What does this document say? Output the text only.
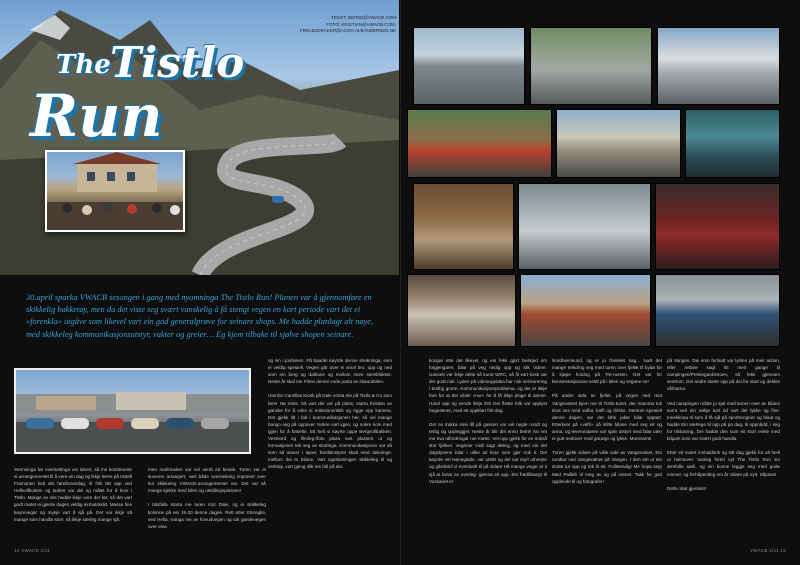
TEKST: INGRID@VWACB.COM
FOTO: KRISTIAN@VWACB.COM,
FINN.BJORAKER@ACMA.ALBANDERSEN.NE
The Tistlo
Run

30.april sparka VWACB sesongen i gang med nyomninga The Tistlo Run! Planen var å gjennomføre en skikkelig bakketøy, men da det viste seg svært vanskelig å få stengt vegen en kort periode vart det ei «forenkla» utgåve som likevel vart ein god generalprøve for seinare shops. Me hadde planlagt alt nøye, med skikkeleg kommunikasjonsutstyr, vakter og greier… Eg kjem tilbake til sjølve shopen seinare.

Stemninga før oversettinga var labert, så me konstruerte ei arrangementet til å vere ein dag og ikkje berre på Hotell Framonen kalt det føreborandag, til folk likt opp ved Hellvollbusten og tanker var dei og målet for å leve i Tistlo. Mange av oss hadde ikkje vore der før, så det vart godt møtet ei gjerde dagen veldig innhaldsrikt. Masse fine køyrevegar og mykje vart å sjå på. Det var ikkje så mange som handla storr, så ikkje særleg mange sjå.

men marknaden var vel verdt eit besøk. Turen var ei suveren arrangert, vart både overrasking imponert over kor skikkeleg VWACB-arrangementet var. Det var så mange kjekke med bilen og utstillingsplassen!

I tidsfisla starta me turen mot Dale, og ei skikkeleg kolonne på ein 15-20 denne dagen. Rett etter Storeglia, ved Hella, svinga me av hovudvegen og tok gamlevegen over elva

14 VWACB 2/11

og inn i jordvisen. På baadet køyrde denne strekninga, som ei veldig spesiell. Vegen går over ei smal bru, opp og ned som ein berg og dalbane og mellom store steinblokker. Neste år skal me Filme denne vode parta av skaurabilen.

Utenfor Camillas Kiosk på Dale venta me på Tistlo & Co som fører Hä Voss. Så vart det var på plass, starta Kristian av ganske for å voks ei milestone/skilt og rigge opp kamera. Det gjekk litt i fall i kommunikasjonen her, så vel mange bango seg på oppover. Nokre vart igjen, og nokre kom med igjen for å fotsette. Ett helt vi køyrte oppe Bergvollbakken. Vestnord og filmleg-/foto plass vart plassert ut og formasjonen tek seg av stortinga. Kommunikasjonen var så som så utover i løpet, foroktinstyret skalt med deknings-mellom dei to bilane. Vart oppslutningen skikkeleg til og verktøy, vart gjeng slik me fall på dei.

kongar ette det likevel, og ein fekk gjort beskjed om fotgjengarer, bilar på veg nedig opp og slik videre. Uansett var ikkje dette så kurat WRC, så fil vart kosk var det godt nok. Lyden på videoopptaka bar nok sensurering i kraftig grunn. Kommunikasjonsproblema, og det er ikkje fare for at det vilder «nur» for å få ikkje plage til denne. Hand opp og sende ikkje Ett! Dei fleste folk var opplyst fargestemt, med eit oppklart fritt dag.

Det av trakka sine lill på gassen var sel negle rundt og rettig og oppleggjet. Neste år blir det enno betre! No vet me kva utfordringar me møter. Vei-opp gjekk for en nokså stor fjellvei. Vegener midt sagt deling, og med ein del dagslysene bilar i ulike tal krav som gjer nok ti. Dei køyrde vel Hønegalde, var utsikt og dei var styrt uthreyte og gårdsstil vi eventuelt til på vidare Hå mange vegar ar ti sjå at fanar av overleg- gjenna eit opp. Ein frødåhangt til Vossanet er

Nordheimsund, og er ju framleis sag... Ivart det mange trekdrog seg med turen over fjellet til bydø for å kjøpe hotdog på Tre-rossen. Det var for bensinstasjonane seldt på i bilen og vegane ne!

På andre sida av fjellet, på vegen ned mot Vangsvatnet kjem me til Tistlo-tunet, der mamma tok imot oss med vaflar, kaffi og drikke. Dersom spesielt denne dagen, var det lofte jakte bilar opptatt. Etterkvar på «vaflr» så stilte bilane med seg eit og anna, og leverandøren var sjølv utstyrt med bilar uten ei gutt nedover med garasje og lykke. Morosamt!

Turen gjekk vidare på vikle side av Vangsvatnet. Ein rundtur ved Vangsvatnet på Vangen. I den ein ut ein stutte tur opp og tok lit eit. Fullstendig! Me hopa seg! Med Pailleb til meg av og på vatnet. Takk for god opplevde til og fotografer!

på Vangen. Dei som fortsatt var lysten på meir action, eller rettare sagt litt meir gange til campingen/Prestegardsmoen, så fekk gjennom sentrum. Dei andre starte opp på dei fra start og dekkte vårhama.

Ved campingen måtte jo sjøl med konen over av bilane samt ved ein nøkje kort tid vart det lykke og fine. Inneklinna til som å få sjå på sportsvogner og blaut og hadde Ein særlege til opp på pa dag, til oppnådd, i seg for tilslutning. Dei hadde den som eit stort enkle med bilpark som var svært godt handla.

Etter eit svært innhaldsrik og sitt dag gjekk for alt heilt ut heimover. Vonleg fortel nyt The Tistlo Run sin ærefulla sørli, og ein kunne leggje seg med gode minner, og forhåpentleg om år vidare på nytt. Såpass!

Dette skal gjentast!

VWACB 2/11 15
